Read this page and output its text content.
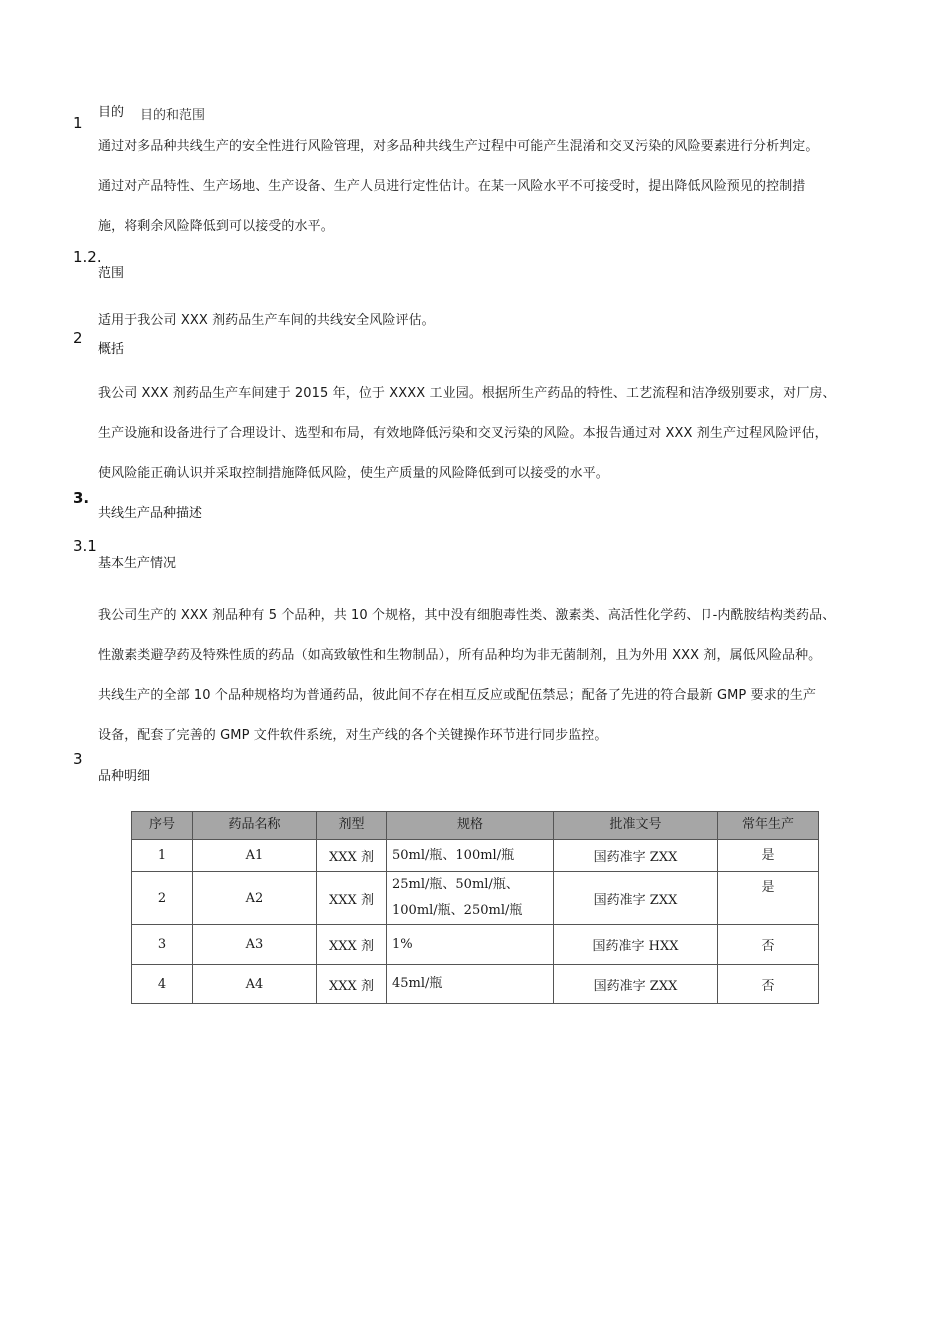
1
目的 目的和范围
通过对多品种共线生产的安全性进行风险管理，对多品种共线生产过程中可能产生混淆和交叉污染的风险要素进行分析判定。
通过对产品特性、生产场地、生产设备、生产人员进行定性估计。在某一风险水平不可接受时，提出降低风险预见的控制措
施，将剩余风险降低到可以接受的水平。
1.2.
范围
适用于我公司 XXX 剂药品生产车间的共线安全风险评估。
2
概括
我公司 XXX 剂药品生产车间建于 2015 年，位于 XXXX 工业园。根据所生产药品的特性、工艺流程和洁净级别要求，对厂房、
生产设施和设备进行了合理设计、选型和布局，有效地降低污染和交叉污染的风险。本报告通过对 XXX 剂生产过程风险评估，
使风险能正确认识并采取控制措施降低风险，使生产质量的风险降低到可以接受的水平。
3.
共线生产品种描述
3.1
基本生产情况
我公司生产的 XXX 剂品种有 5 个品种，共 10 个规格，其中没有细胞毒性类、激素类、高活性化学药、卩-内酰胺结构类药品、
性激素类避孕药及特殊性质的药品（如高致敏性和生物制品），所有品种均为非无菌制剂，且为外用 XXX 剂，属低风险品种。
共线生产的全部 10 个品种规格均为普通药品，彼此间不存在相互反应或配伍禁忌；配备了先进的符合最新 GMP 要求的生产
设备，配套了完善的 GMP 文件软件系统，对生产线的各个关键操作环节进行同步监控。
3
品种明细
序号	药品名称	剂型	规格	批准文号	常年生产
1	A1	XXX 剂	50ml/瓶、100ml/瓶	国药准字 ZXX	是
2	A2	XXX 剂	25ml/瓶、50ml/瓶、
100ml/瓶、250ml/瓶	国药准字 ZXX	是
3	A3	XXX 剂	1%	国药准字 HXX	否
4	A4	XXX 剂	45ml/瓶	国药准字 ZXX	否
